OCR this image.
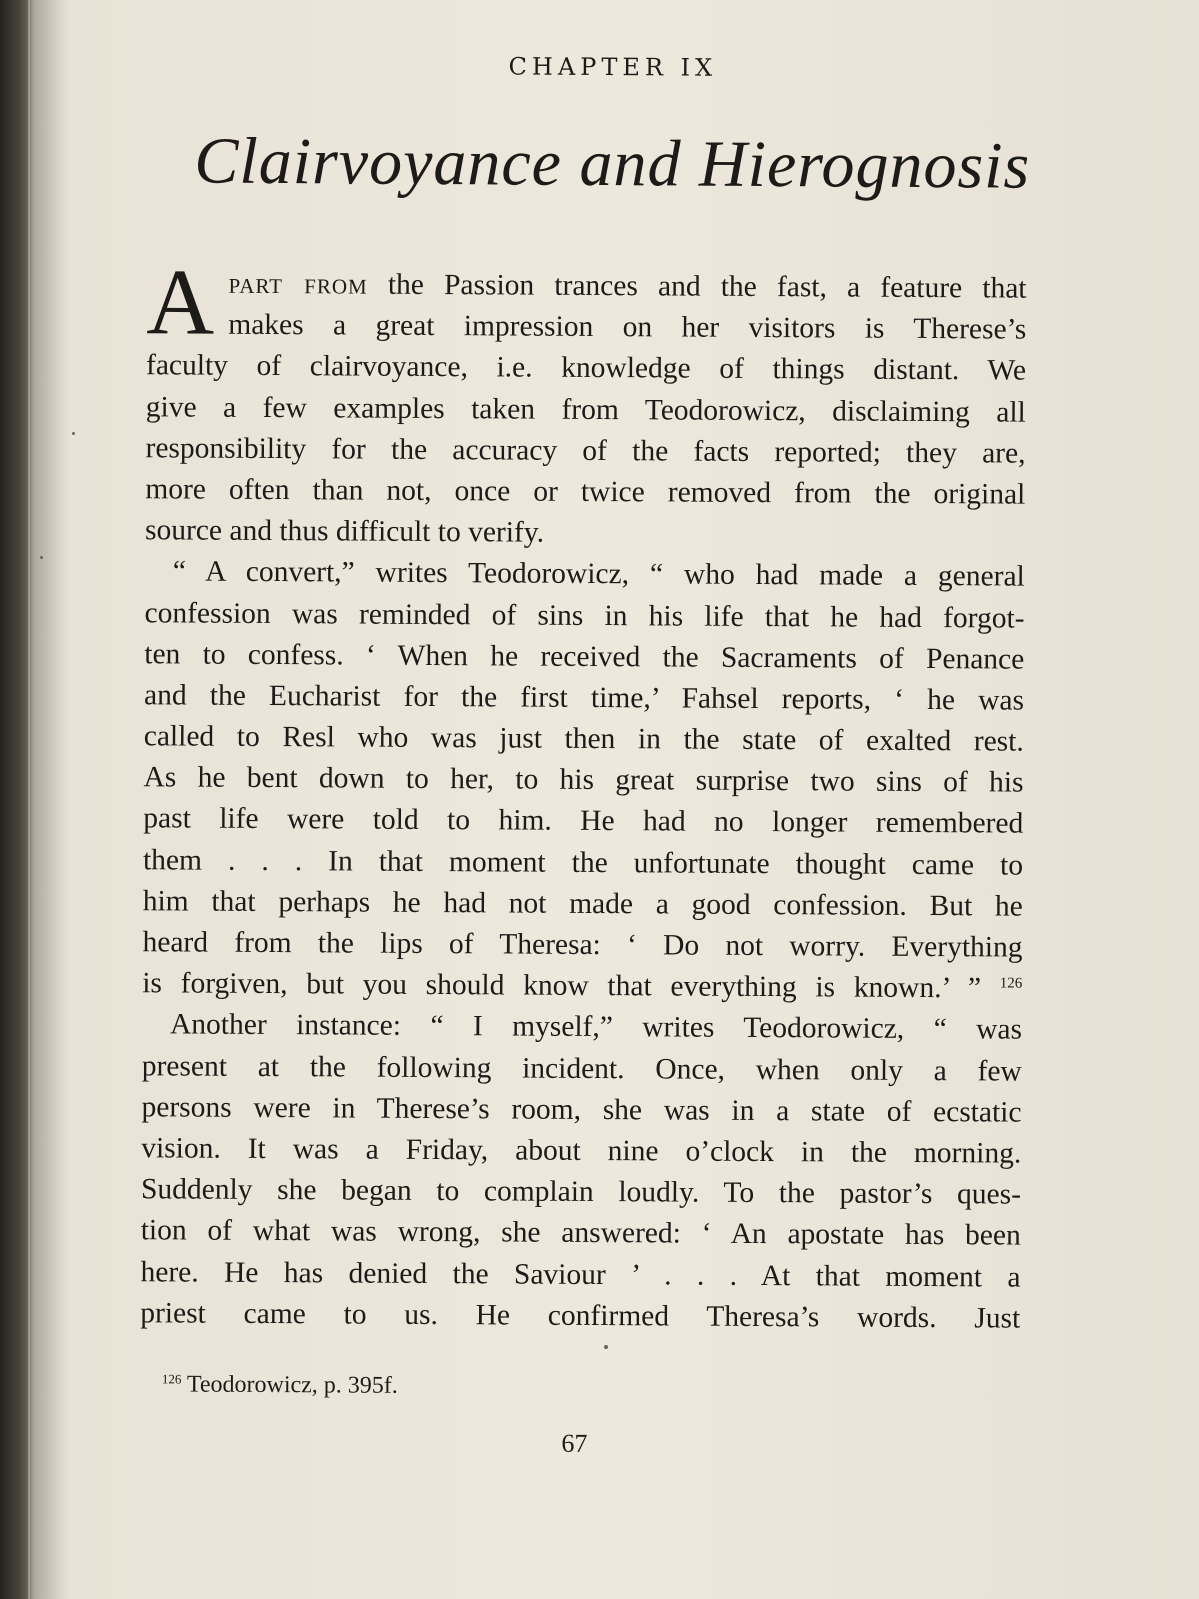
CHAPTER IX
Clairvoyance and Hierognosis
A part from the Passion trances and the fast, a feature that
makes a great impression on her visitors is Therese’s
faculty of clairvoyance, i.e. knowledge of things distant. We
give a few examples taken from Teodorowicz, disclaiming all
responsibility for the accuracy of the facts reported; they are,
more often than not, once or twice removed from the original
source and thus difficult to verify.
“ A convert,” writes Teodorowicz, “ who had made a general
confession was reminded of sins in his life that he had forgot-
ten to confess. ‘ When he received the Sacraments of Penance
and the Eucharist for the first time,’ Fahsel reports, ‘ he was
called to Resl who was just then in the state of exalted rest.
As he bent down to her, to his great surprise two sins of his
past life were told to him. He had no longer remembered
them . . . In that moment the unfortunate thought came to
him that perhaps he had not made a good confession. But he
heard from the lips of Theresa: ‘ Do not worry. Everything
is forgiven, but you should know that everything is known.’ ” $^{126}$
Another instance: “ I myself,” writes Teodorowicz, “ was
present at the following incident. Once, when only a few
persons were in Therese’s room, she was in a state of ecstatic
vision. It was a Friday, about nine o’clock in the morning.
Suddenly she began to complain loudly. To the pastor’s ques-
tion of what was wrong, she answered: ‘ An apostate has been
here. He has denied the Saviour ’ . . . At that moment a
priest came to us. He confirmed Theresa’s words. Just
$^{126}$ Teodorowicz, p. 395f.
67
